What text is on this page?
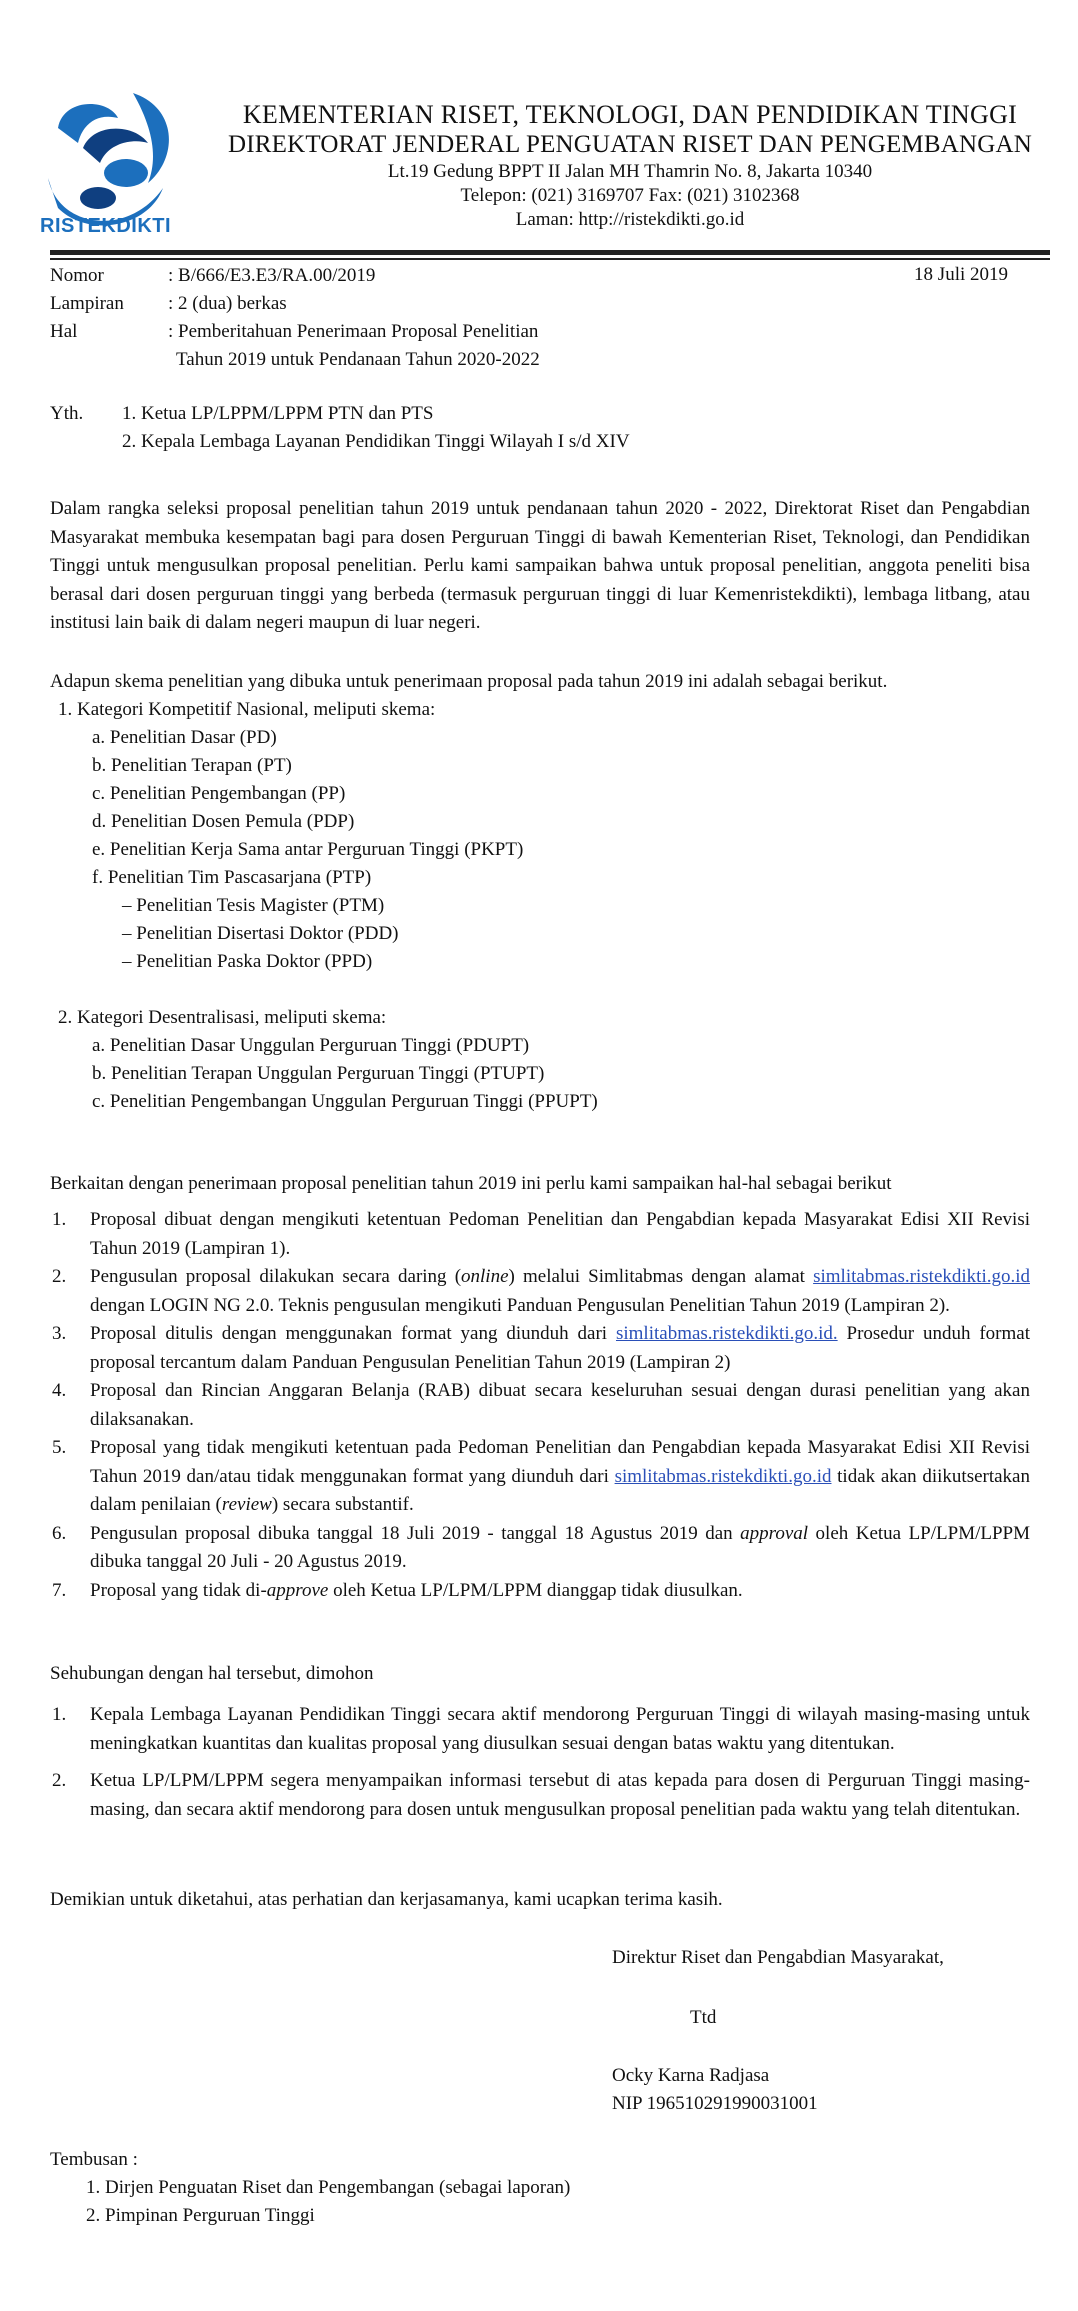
RISTEKDIKTI
KEMENTERIAN RISET, TEKNOLOGI, DAN PENDIDIKAN TINGGI
DIREKTORAT JENDERAL PENGUATAN RISET DAN PENGEMBANGAN
Lt.19 Gedung BPPT II Jalan MH Thamrin No. 8, Jakarta 10340
Telepon: (021) 3169707 Fax: (021) 3102368
Laman: http://ristekdikti.go.id
Nomor	: B/666/E3.E3/RA.00/2019	18 Juli 2019
Lampiran : 2 (dua) berkas
Hal	: Pemberitahuan Penerimaan Proposal Penelitian
Tahun 2019 untuk Pendanaan Tahun 2020-2022
Yth. 1. Ketua LP/LPPM/LPPM PTN dan PTS
2. Kepala Lembaga Layanan Pendidikan Tinggi Wilayah I s/d XIV
Dalam rangka seleksi proposal penelitian tahun 2019 untuk pendanaan tahun 2020 - 2022, Direktorat Riset dan Pengabdian Masyarakat membuka kesempatan bagi para dosen Perguruan Tinggi di bawah Kementerian Riset, Teknologi, dan Pendidikan Tinggi untuk mengusulkan proposal penelitian. Perlu kami sampaikan bahwa untuk proposal penelitian, anggota peneliti bisa berasal dari dosen perguruan tinggi yang berbeda (termasuk perguruan tinggi di luar Kemenristekdikti), lembaga litbang, atau institusi lain baik di dalam negeri maupun di luar negeri.
Adapun skema penelitian yang dibuka untuk penerimaan proposal pada tahun 2019 ini adalah sebagai berikut.
1. Kategori Kompetitif Nasional, meliputi skema:
a. Penelitian Dasar (PD)
b. Penelitian Terapan (PT)
c. Penelitian Pengembangan (PP)
d. Penelitian Dosen Pemula (PDP)
e. Penelitian Kerja Sama antar Perguruan Tinggi (PKPT)
f. Penelitian Tim Pascasarjana (PTP)
– Penelitian Tesis Magister (PTM)
– Penelitian Disertasi Doktor (PDD)
– Penelitian Paska Doktor (PPD)
2. Kategori Desentralisasi, meliputi skema:
a. Penelitian Dasar Unggulan Perguruan Tinggi (PDUPT)
b. Penelitian Terapan Unggulan Perguruan Tinggi (PTUPT)
c. Penelitian Pengembangan Unggulan Perguruan Tinggi (PPUPT)
Berkaitan dengan penerimaan proposal penelitian tahun 2019 ini perlu kami sampaikan hal-hal sebagai berikut
1. Proposal dibuat dengan mengikuti ketentuan Pedoman Penelitian dan Pengabdian kepada Masyarakat Edisi XII Revisi Tahun 2019 (Lampiran 1).
2. Pengusulan proposal dilakukan secara daring (online) melalui Simlitabmas dengan alamat simlitabmas.ristekdikti.go.id dengan LOGIN NG 2.0. Teknis pengusulan mengikuti Panduan Pengusulan Penelitian Tahun 2019 (Lampiran 2).
3. Proposal ditulis dengan menggunakan format yang diunduh dari simlitabmas.ristekdikti.go.id. Prosedur unduh format proposal tercantum dalam Panduan Pengusulan Penelitian Tahun 2019 (Lampiran 2)
4. Proposal dan Rincian Anggaran Belanja (RAB) dibuat secara keseluruhan sesuai dengan durasi penelitian yang akan dilaksanakan.
5. Proposal yang tidak mengikuti ketentuan pada Pedoman Penelitian dan Pengabdian kepada Masyarakat Edisi XII Revisi Tahun 2019 dan/atau tidak menggunakan format yang diunduh dari simlitabmas.ristekdikti.go.id tidak akan diikutsertakan dalam penilaian (review) secara substantif.
6. Pengusulan proposal dibuka tanggal 18 Juli 2019 - tanggal 18 Agustus 2019 dan approval oleh Ketua LP/LPM/LPPM dibuka tanggal 20 Juli - 20 Agustus 2019.
7. Proposal yang tidak di-approve oleh Ketua LP/LPM/LPPM dianggap tidak diusulkan.
Sehubungan dengan hal tersebut, dimohon
1. Kepala Lembaga Layanan Pendidikan Tinggi secara aktif mendorong Perguruan Tinggi di wilayah masing-masing untuk meningkatkan kuantitas dan kualitas proposal yang diusulkan sesuai dengan batas waktu yang ditentukan.
2. Ketua LP/LPM/LPPM segera menyampaikan informasi tersebut di atas kepada para dosen di Perguruan Tinggi masing-masing, dan secara aktif mendorong para dosen untuk mengusulkan proposal penelitian pada waktu yang telah ditentukan.
Demikian untuk diketahui, atas perhatian dan kerjasamanya, kami ucapkan terima kasih.
Direktur Riset dan Pengabdian Masyarakat,
Ttd
Ocky Karna Radjasa
NIP 196510291990031001
Tembusan :
1. Dirjen Penguatan Riset dan Pengembangan (sebagai laporan)
2. Pimpinan Perguruan Tinggi
